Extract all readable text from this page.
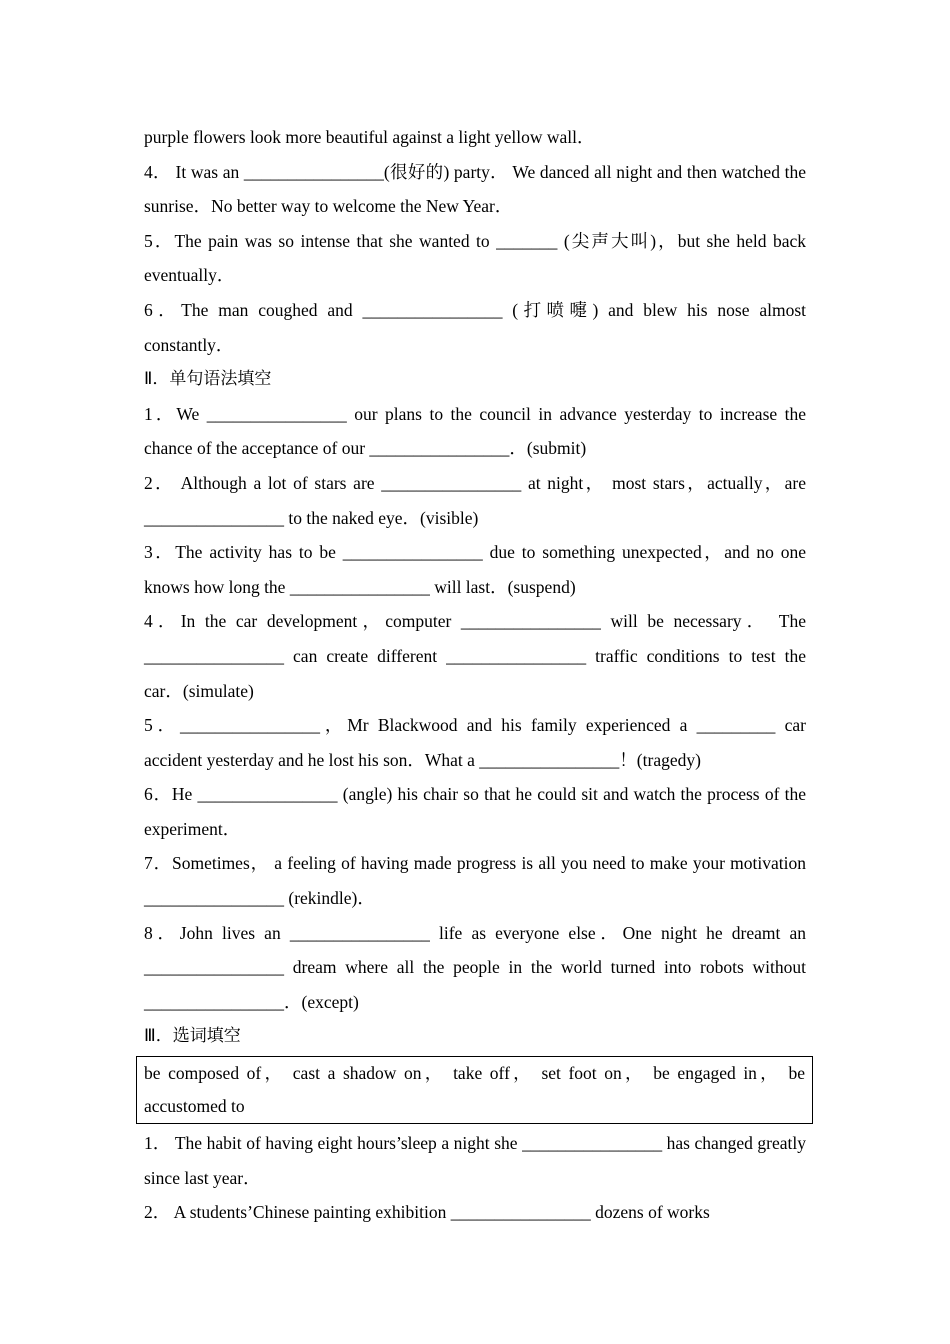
purple flowers look more beautiful against a light yellow wall．

4． It was an ________________(很好的) party． We danced all night and then watched the sunrise．No better way to welcome the New Year．

5．The pain was so intense that she wanted to _______ (尖声大叫)，but she held back eventually．

6．The man coughed and ________________ (打喷嚏) and blew his nose almost constantly．

Ⅱ．单句语法填空

1．We ________________ our plans to the council in advance yesterday to increase the chance of the acceptance of our ________________．(submit)

2． Although a lot of stars are ________________ at night， most stars，actually，are ________________ to the naked eye．(visible)

3．The activity has to be ________________ due to something unexpected，and no one knows how long the ________________ will last．(suspend)

4．In the car development，computer ________________ will be necessary． The ________________ can create different ________________ traffic conditions to test the car．(simulate)

5．________________，Mr Blackwood and his family experienced a _________ car accident yesterday and he lost his son．What a ________________！(tragedy)

6．He ________________ (angle) his chair so that he could sit and watch the process of the experiment．

7．Sometimes， a feeling of having made progress is all you need to make your motivation ________________ (rekindle)．

8．John lives an ________________ life as everyone else．One night he dreamt an ________________ dream where all the people in the world turned into robots without ________________．(except)

Ⅲ．选词填空

be composed of， cast a shadow on， take off， set foot on， be engaged in， be accustomed to

1． The habit of having eight hours’sleep a night she ________________ has changed greatly since last year．

2． A students’Chinese painting exhibition ________________ dozens of works
